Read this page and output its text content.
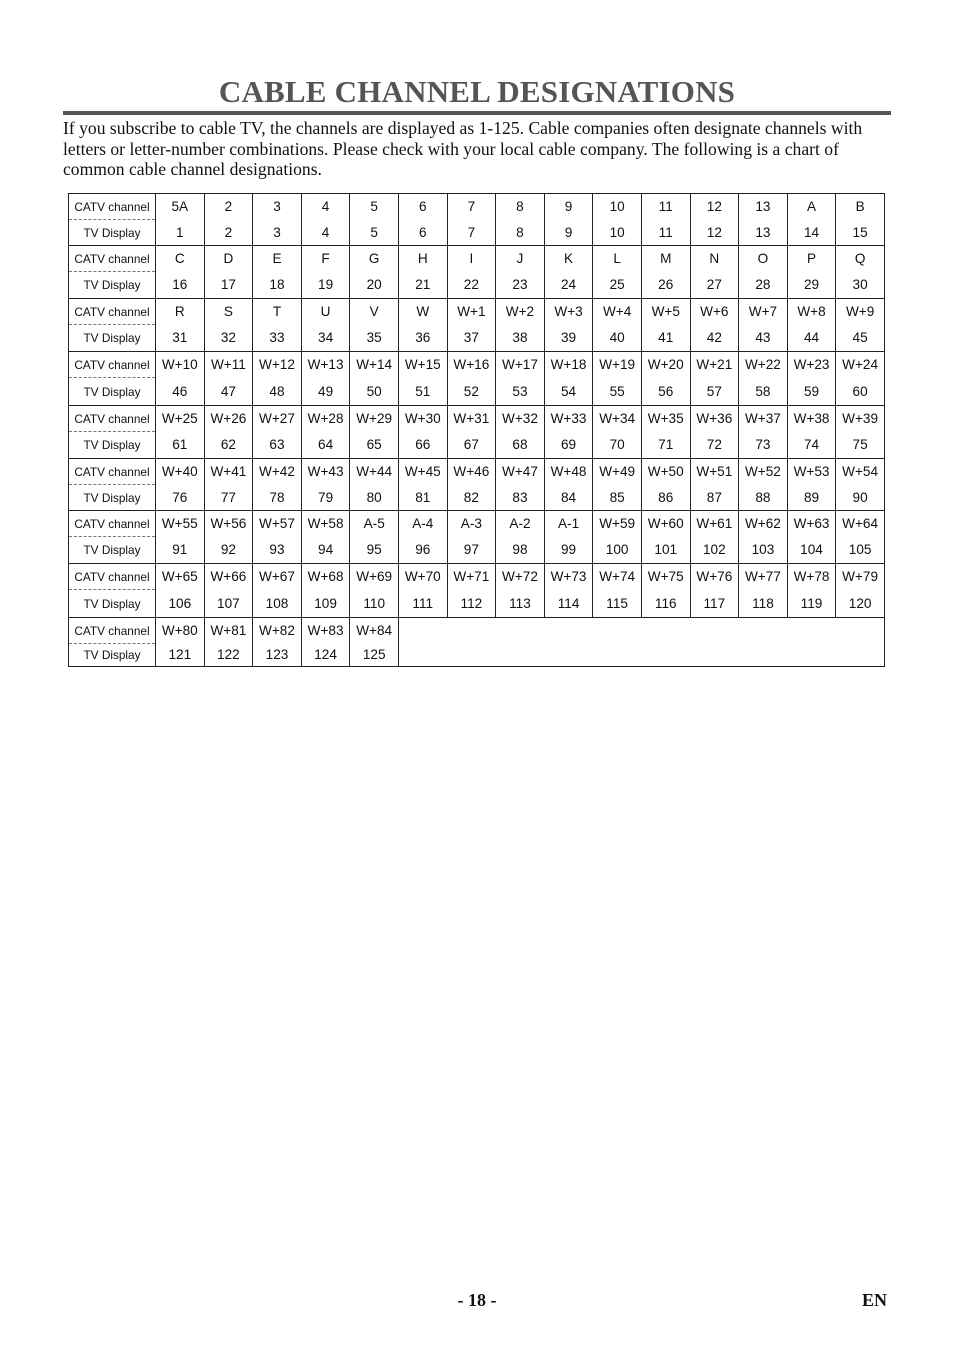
CABLE CHANNEL DESIGNATIONS

If you subscribe to cable TV, the channels are displayed as 1-125. Cable companies often designate channels with letters or letter-number combinations. Please check with your local cable company. The following is a chart of common cable channel designations.

CATV channel	5A	2	3	4	5	6	7	8	9	10	11	12	13	A	B
TV Display	1	2	3	4	5	6	7	8	9	10	11	12	13	14	15
CATV channel	C	D	E	F	G	H	I	J	K	L	M	N	O	P	Q
TV Display	16	17	18	19	20	21	22	23	24	25	26	27	28	29	30
CATV channel	R	S	T	U	V	W	W+1	W+2	W+3	W+4	W+5	W+6	W+7	W+8	W+9
TV Display	31	32	33	34	35	36	37	38	39	40	41	42	43	44	45
CATV channel	W+10	W+11	W+12	W+13	W+14	W+15	W+16	W+17	W+18	W+19	W+20	W+21	W+22	W+23	W+24
TV Display	46	47	48	49	50	51	52	53	54	55	56	57	58	59	60
CATV channel	W+25	W+26	W+27	W+28	W+29	W+30	W+31	W+32	W+33	W+34	W+35	W+36	W+37	W+38	W+39
TV Display	61	62	63	64	65	66	67	68	69	70	71	72	73	74	75
CATV channel	W+40	W+41	W+42	W+43	W+44	W+45	W+46	W+47	W+48	W+49	W+50	W+51	W+52	W+53	W+54
TV Display	76	77	78	79	80	81	82	83	84	85	86	87	88	89	90
CATV channel	W+55	W+56	W+57	W+58	A-5	A-4	A-3	A-2	A-1	W+59	W+60	W+61	W+62	W+63	W+64
TV Display	91	92	93	94	95	96	97	98	99	100	101	102	103	104	105
CATV channel	W+65	W+66	W+67	W+68	W+69	W+70	W+71	W+72	W+73	W+74	W+75	W+76	W+77	W+78	W+79
TV Display	106	107	108	109	110	111	112	113	114	115	116	117	118	119	120
CATV channel	W+80	W+81	W+82	W+83	W+84										
TV Display	121	122	123	124	125										

- 18 -	EN
